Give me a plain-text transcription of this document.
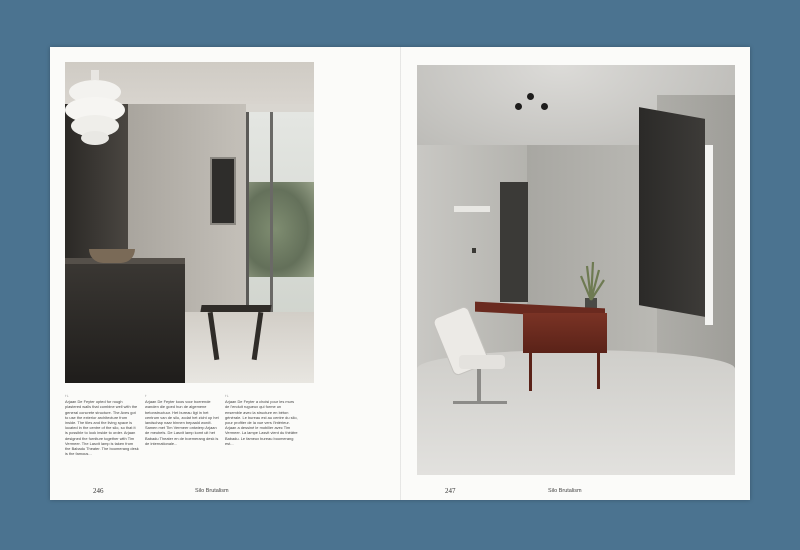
↑↓
Arjaan De Feyter opted for rough plastered walls that combine well with the general concrete structure. The Aves got to use the exterior architecture from inside. The tiles and the living space is located in the centre of the silo, so that it is possible to look inside to order. Arjaan designed the furniture together with Tim Vermeer. The Lasvit lamp is taken from the Babadu Theater. The boomerang desk is the famous...
↑
Arjaan De Feyter koos voor boerende wanden die goed hun de algemene betonstructuur. Het bureau ligt in het centrum van de silo, zodat het zicht op het landschap naar binnen bepaald wordt. Samen met Tim Vermeer ontwierp Arjaan de meubels. De Lasvit lamp komt uit het Babadu Theater en de boemerang desk is de internationale...
↑↓
Arjaan De Feyter a choisi pour les murs de l'enduit rugueux qui forme un ensemble avec la structure en béton générale. Le bureau est au centre du silo, pour profiter de la vue vers l'intérieur. Arjaan a dessiné le mobilier avec Tim Vermeer. La lampe Lasvit vient du théâtre Babadu. Le fameux bureau boomerang est...
246	Silo Brutalism	247	Silo Brutalism
